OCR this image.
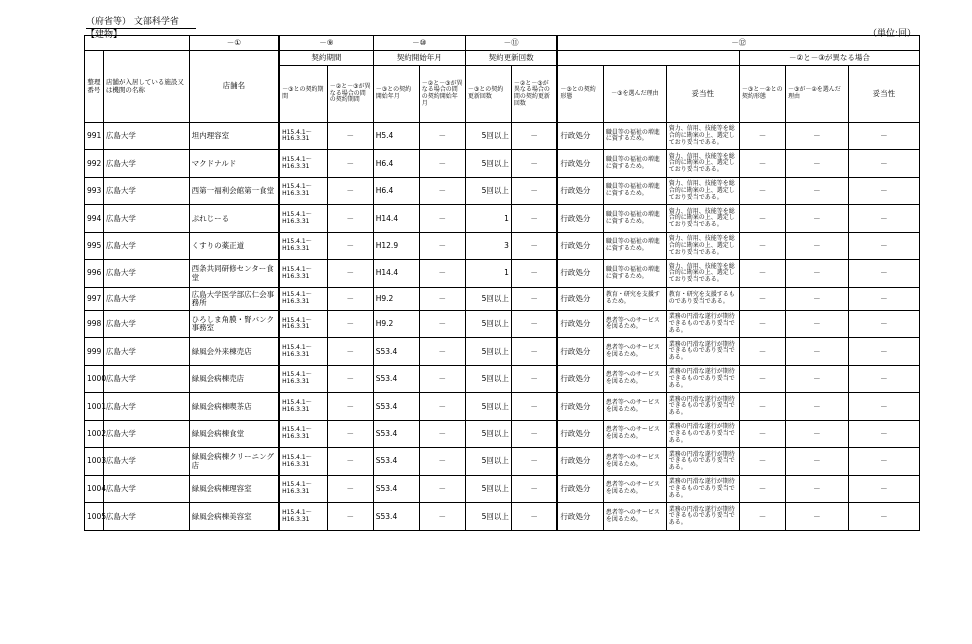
（府省等） 文部科学省
【建物】	（単位:回）
		－①	－⑨		－⑩		－⑪		－⑫					
整理番号	店舗が入居している施設又は機関の名称	店舗名	契約期間		契約開始年月		契約更新回数					－②と－③が異なる場合		
			－③との契約期間	－②と－③が異なる場合の間の契約期間	－③との契約開始年月	－②と－③が異なる場合の間の契約開始年月	－③との契約更新回数	－②と－③が異なる場合の間の契約更新回数	－③との契約形態	－③を選んだ理由	妥当性	－③と－②との契約形態	－③が－②を選んだ理由	妥当性
991	広島大学	坦内理容室	H15.4.1～H16.3.31	－	H5.4	－	5回以上	－	行政処分	職員等の福祉の増進に資するため。	資力、信用、技能等を総合的に勘案の上、選定しており妥当である。	－	－	－
992	広島大学	マクドナルド	H15.4.1～H16.3.31	－	H6.4	－	5回以上	－	行政処分	職員等の福祉の増進に資するため。	資力、信用、技能等を総合的に勘案の上、選定しており妥当である。	－	－	－
993	広島大学	西第一福利会館第一食堂	H15.4.1～H16.3.31	－	H6.4	－	5回以上	－	行政処分	職員等の福祉の増進に資するため。	資力、信用、技能等を総合的に勘案の上、選定しており妥当である。	－	－	－
994	広島大学	ぷれじーる	H15.4.1～H16.3.31	－	H14.4	－	1	－	行政処分	職員等の福祉の増進に資するため。	資力、信用、技能等を総合的に勘案の上、選定しており妥当である。	－	－	－
995	広島大学	くすりの薬正道	H15.4.1～H16.3.31	－	H12.9	－	3	－	行政処分	職員等の福祉の増進に資するため。	資力、信用、技能等を総合的に勘案の上、選定しており妥当である。	－	－	－
996	広島大学	西条共同研修センター食堂	H15.4.1～H16.3.31	－	H14.4	－	1	－	行政処分	職員等の福祉の増進に資するため。	資力、信用、技能等を総合的に勘案の上、選定しており妥当である。	－	－	－
997	広島大学	広島大学医学部広仁会事務所	H15.4.1～H16.3.31	－	H9.2	－	5回以上	－	行政処分	教育・研究を支援するため。	教育・研究を支援するものであり妥当である。	－	－	－
998	広島大学	ひろしま角膜・腎バンク事務室	H15.4.1～H16.3.31	－	H9.2	－	5回以上	－	行政処分	患者等へのサービスを図るため。	業務の円滑な遂行が期待できるものであり妥当である。	－	－	－
999	広島大学	緑風会外来棟売店	H15.4.1～H16.3.31	－	S53.4	－	5回以上	－	行政処分	患者等へのサービスを図るため。	業務の円滑な遂行が期待できるものであり妥当である。	－	－	－
1000	広島大学	緑風会病棟売店	H15.4.1～H16.3.31	－	S53.4	－	5回以上	－	行政処分	患者等へのサービスを図るため。	業務の円滑な遂行が期待できるものであり妥当である。	－	－	－
1001	広島大学	緑風会病棟喫茶店	H15.4.1～H16.3.31	－	S53.4	－	5回以上	－	行政処分	患者等へのサービスを図るため。	業務の円滑な遂行が期待できるものであり妥当である。	－	－	－
1002	広島大学	緑風会病棟食堂	H15.4.1～H16.3.31	－	S53.4	－	5回以上	－	行政処分	患者等へのサービスを図るため。	業務の円滑な遂行が期待できるものであり妥当である。	－	－	－
1003	広島大学	緑風会病棟クリーニング店	H15.4.1～H16.3.31	－	S53.4	－	5回以上	－	行政処分	患者等へのサービスを図るため。	業務の円滑な遂行が期待できるものであり妥当である。	－	－	－
1004	広島大学	緑風会病棟理容室	H15.4.1～H16.3.31	－	S53.4	－	5回以上	－	行政処分	患者等へのサービスを図るため。	業務の円滑な遂行が期待できるものであり妥当である。	－	－	－
1005	広島大学	緑風会病棟美容室	H15.4.1～H16.3.31	－	S53.4	－	5回以上	－	行政処分	患者等へのサービスを図るため。	業務の円滑な遂行が期待できるものであり妥当である。	－	－	－
